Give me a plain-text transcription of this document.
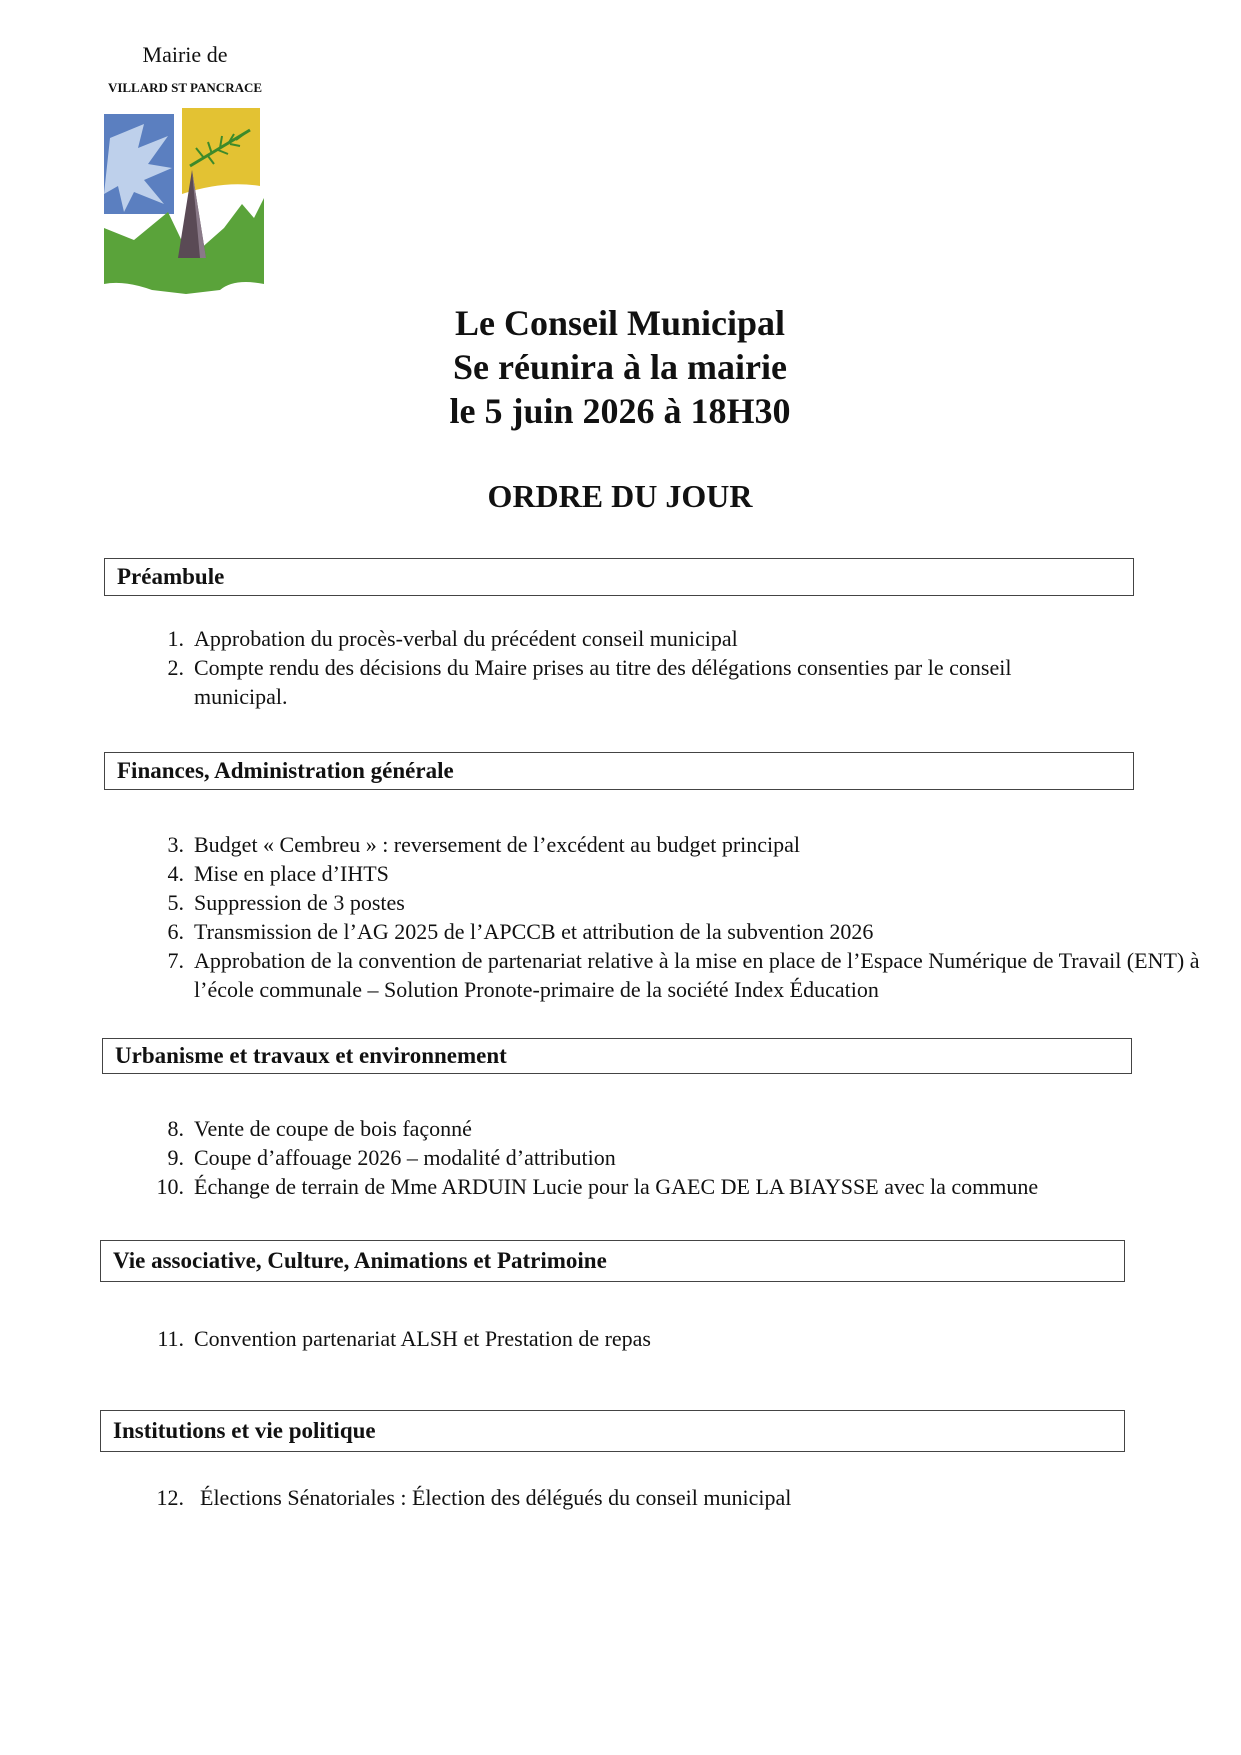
Mairie de
VILLARD ST PANCRACE
Le Conseil Municipal
Se réunira à la mairie
le 5 juin 2026 à 18H30
ORDRE DU JOUR
Préambule
1. Approbation du procès-verbal du précédent conseil municipal
2. Compte rendu des décisions du Maire prises au titre des délégations consenties par le conseil municipal.
Finances, Administration générale
3. Budget « Cembreu » : reversement de l’excédent au budget principal
4. Mise en place d’IHTS
5. Suppression de 3 postes
6. Transmission de l’AG 2025 de l’APCCB et attribution de la subvention 2026
7. Approbation de la convention de partenariat relative à la mise en place de l’Espace Numérique de Travail (ENT) à l’école communale – Solution Pronote-primaire de la société Index Éducation
Urbanisme et travaux et environnement
8. Vente de coupe de bois façonné
9. Coupe d’affouage 2026 – modalité d’attribution
10. Échange de terrain de Mme ARDUIN Lucie pour la GAEC DE LA BIAYSSE avec la commune
Vie associative, Culture, Animations et Patrimoine
11. Convention partenariat ALSH et Prestation de repas
Institutions et vie politique
12. Élections Sénatoriales : Élection des délégués du conseil municipal
